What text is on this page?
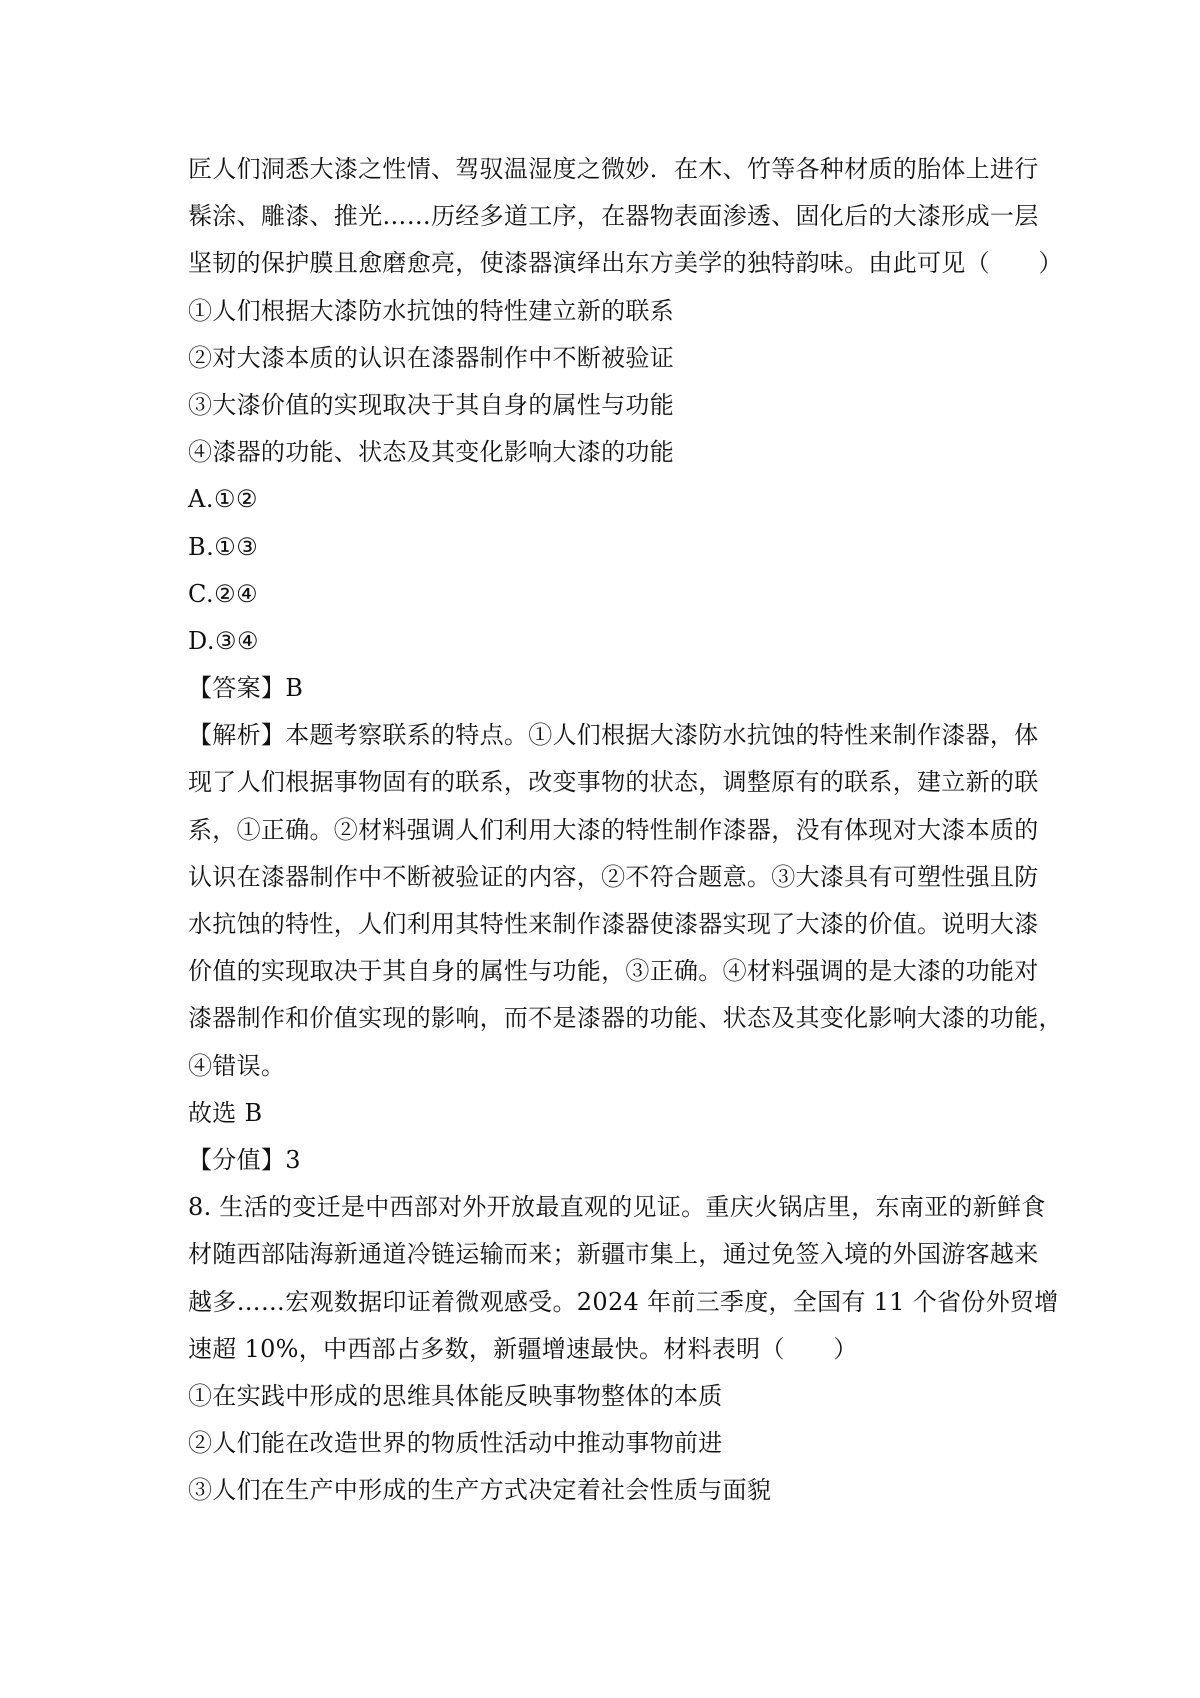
匠人们洞悉大漆之性情、驾驭温湿度之微妙．在木、竹等各种材质的胎体上进行
髹涂、雕漆、推光……历经多道工序，在器物表面渗透、固化后的大漆形成一层
坚韧的保护膜且愈磨愈亮，使漆器演绎出东方美学的独特韵味。由此可见（　　）
①人们根据大漆防水抗蚀的特性建立新的联系
②对大漆本质的认识在漆器制作中不断被验证
③大漆价值的实现取决于其自身的属性与功能
④漆器的功能、状态及其变化影响大漆的功能
A.①②
B.①③
C.②④
D.③④
【答案】B
【解析】本题考察联系的特点。①人们根据大漆防水抗蚀的特性来制作漆器，体
现了人们根据事物固有的联系，改变事物的状态，调整原有的联系，建立新的联
系，①正确。②材料强调人们利用大漆的特性制作漆器，没有体现对大漆本质的
认识在漆器制作中不断被验证的内容，②不符合题意。③大漆具有可塑性强且防
水抗蚀的特性，人们利用其特性来制作漆器使漆器实现了大漆的价值。说明大漆
价值的实现取决于其自身的属性与功能，③正确。④材料强调的是大漆的功能对
漆器制作和价值实现的影响，而不是漆器的功能、状态及其变化影响大漆的功能，
④错误。
故选 B
【分值】3
8. 生活的变迁是中西部对外开放最直观的见证。重庆火锅店里，东南亚的新鲜食
材随西部陆海新通道冷链运输而来；新疆市集上，通过免签入境的外国游客越来
越多……宏观数据印证着微观感受。2024 年前三季度，全国有 11 个省份外贸增
速超 10%，中西部占多数，新疆增速最快。材料表明（　　）
①在实践中形成的思维具体能反映事物整体的本质
②人们能在改造世界的物质性活动中推动事物前进
③人们在生产中形成的生产方式决定着社会性质与面貌
